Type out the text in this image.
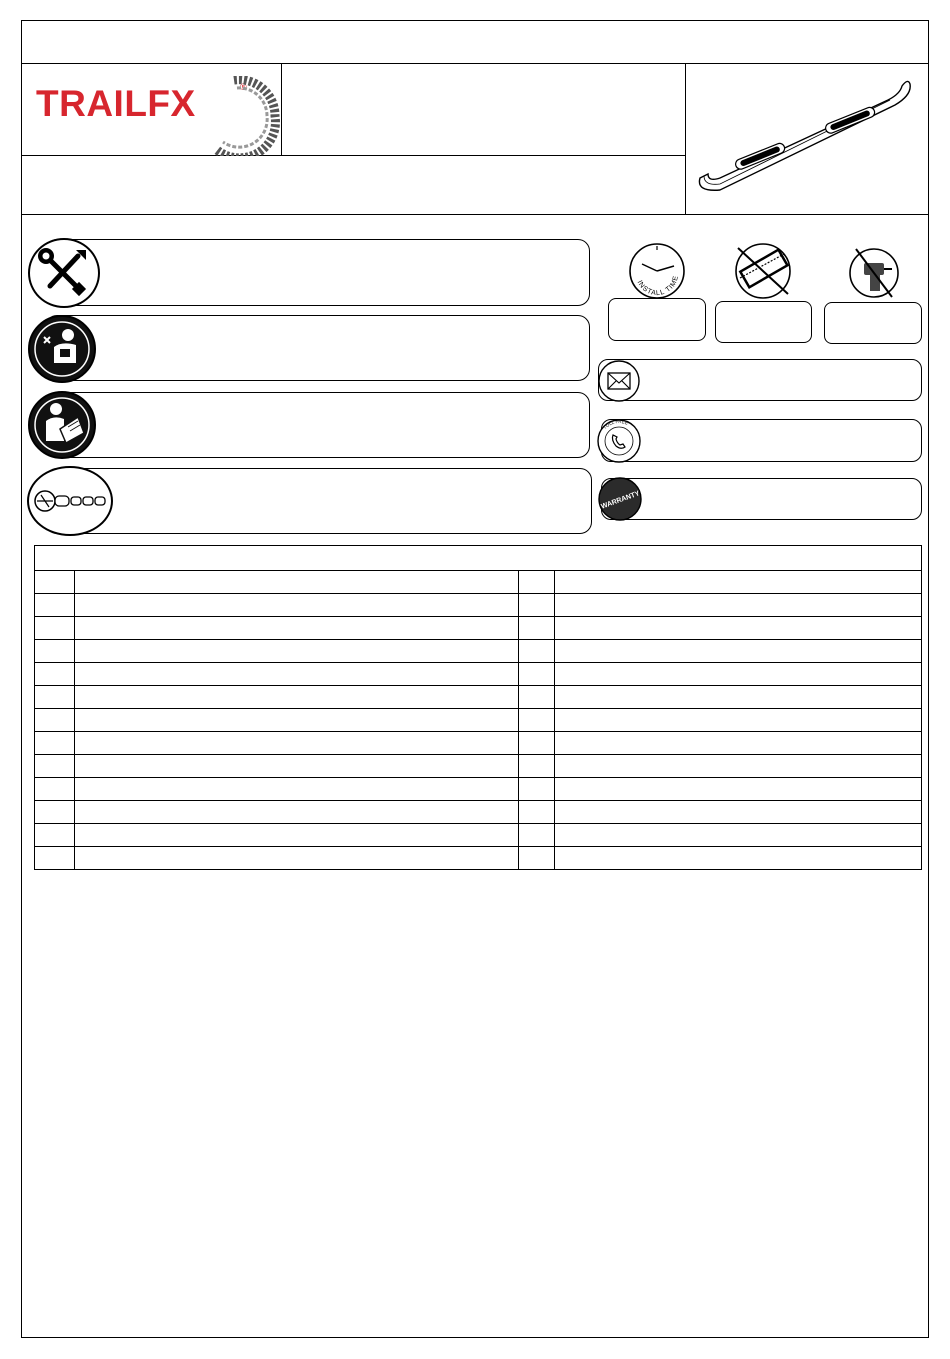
TRAILFX	®
INSTALL TIME
TOLL FREE
WARRANTY
